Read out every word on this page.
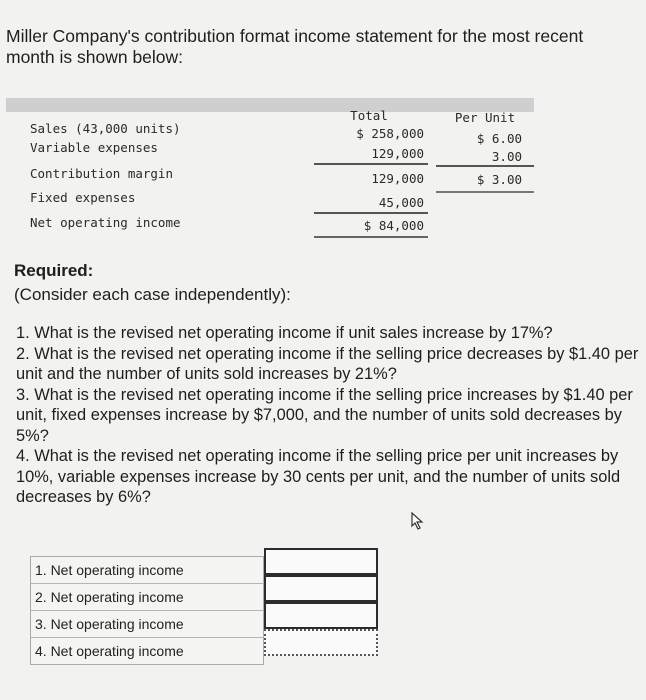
Miller Company's contribution format income statement for the most recent
month is shown below:
Total	Per Unit
Sales (43,000 units)	$ 258,000	$ 6.00
Variable expenses	129,000	3.00
Contribution margin	129,000	$ 3.00
Fixed expenses	45,000
Net operating income	$ 84,000
Required:
(Consider each case independently):

1. What is the revised net operating income if unit sales increase by 17%?

2. What is the revised net operating income if the selling price decreases by $1.40 per unit and the number of units sold increases by 21%?

3. What is the revised net operating income if the selling price increases by $1.40 per unit, fixed expenses increase by $7,000, and the number of units sold decreases by 5%?

4. What is the revised net operating income if the selling price per unit increases by 10%, variable expenses increase by 30 cents per unit, and the number of units sold decreases by 6%?

1. Net operating income
2. Net operating income
3. Net operating income
4. Net operating income
